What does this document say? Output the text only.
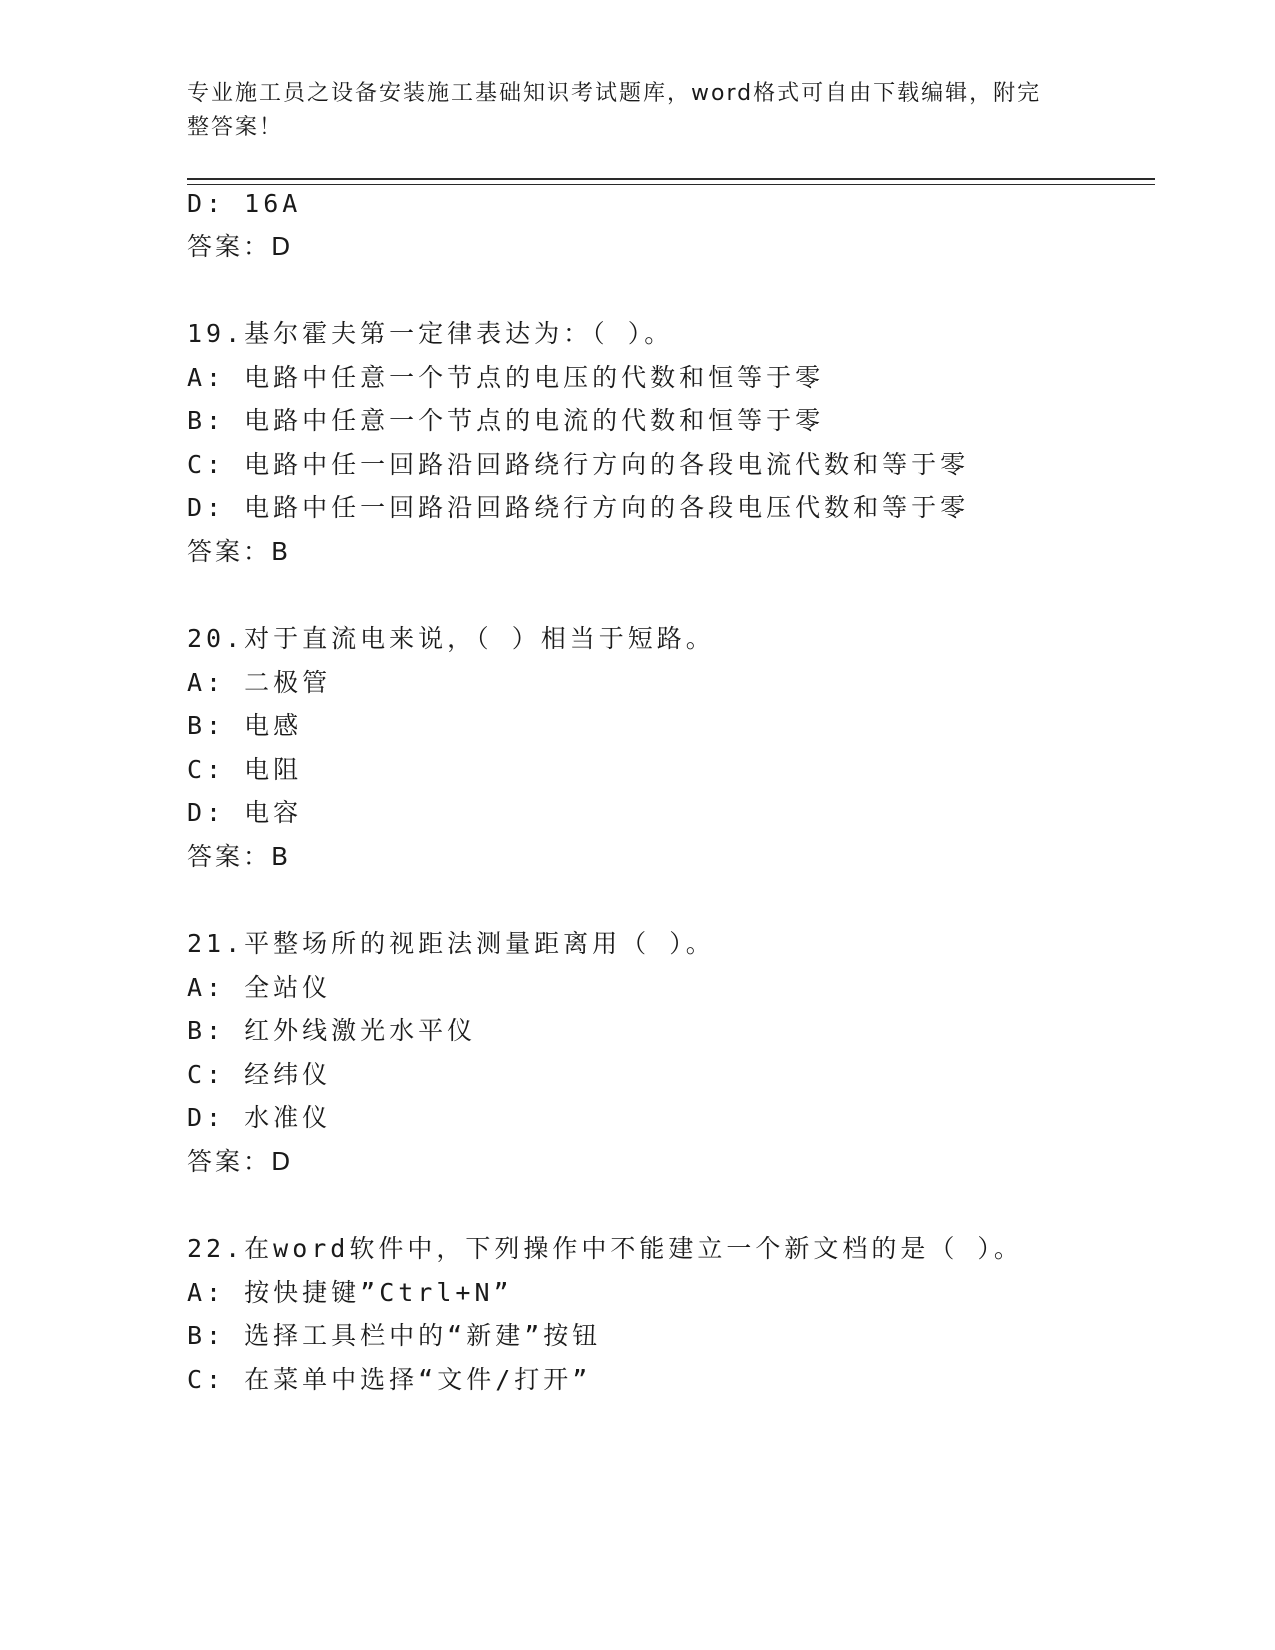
专业施工员之设备安装施工基础知识考试题库，word格式可自由下载编辑，附完
整答案！
D: 16A
答案：D
19.基尔霍夫第一定律表达为：（ ）。
A: 电路中任意一个节点的电压的代数和恒等于零
B: 电路中任意一个节点的电流的代数和恒等于零
C: 电路中任一回路沿回路绕行方向的各段电流代数和等于零
D: 电路中任一回路沿回路绕行方向的各段电压代数和等于零
答案：B
20.对于直流电来说，（ ）相当于短路。
A: 二极管
B: 电感
C: 电阻
D: 电容
答案：B
21.平整场所的视距法测量距离用（ ）。
A: 全站仪
B: 红外线激光水平仪
C: 经纬仪
D: 水准仪
答案：D
22.在word软件中，下列操作中不能建立一个新文档的是（ ）。
A: 按快捷键”Ctrl+N”
B: 选择工具栏中的“新建”按钮
C: 在菜单中选择“文件/打开”
